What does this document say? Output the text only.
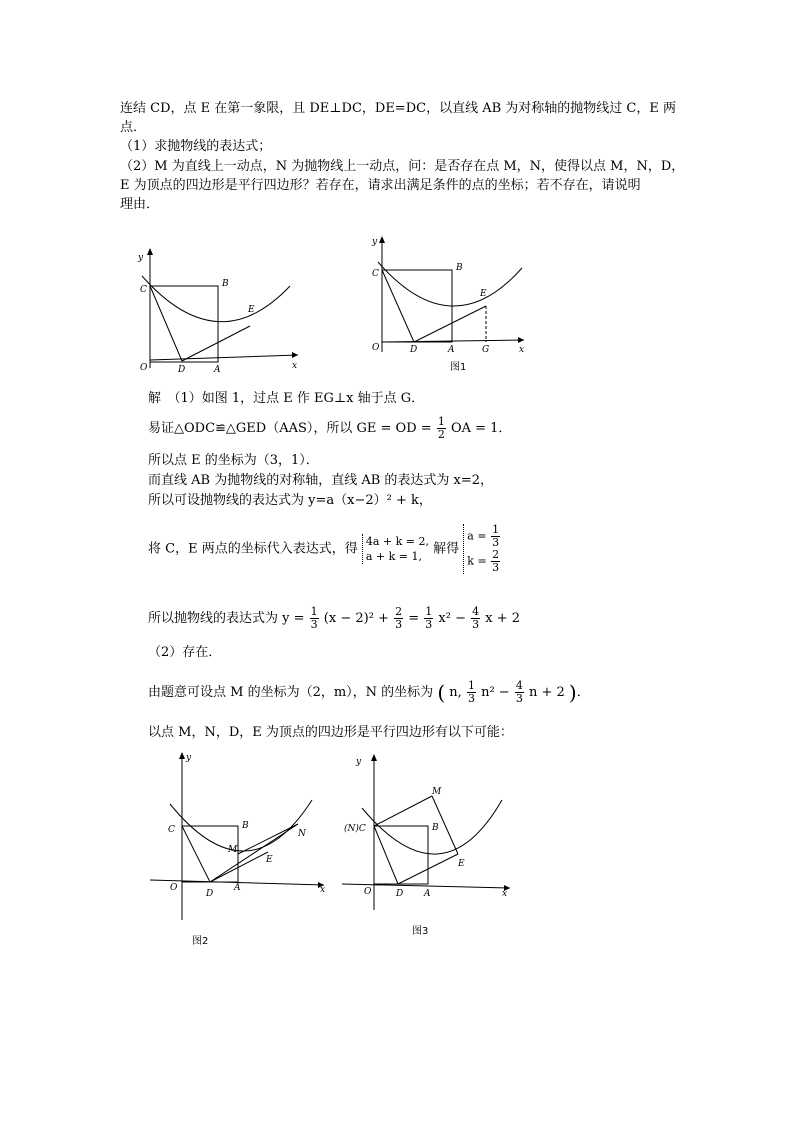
连结 CD，点 E 在第一象限，且 DE⊥DC，DE=DC，以直线 AB 为对称轴的抛物线过 C，E 两
点．
（1）求抛物线的表达式；
（2）M 为直线上一动点，N 为抛物线上一动点，问：是否存在点 M，N，使得以点 M，N，D，
E 为顶点的四边形是平行四边形？若存在，请求出满足条件的点的坐标；若不存在，请说明
理由．
y
x
O
C
B
E
D	A
y
x
O
C
B
E
D	A	G
图1
解　（1）如图 1，过点 E 作 EG⊥x 轴于点 G．
易证△ODC≌△GED（AAS），所以 GE = OD = $\frac{1}{2}$ OA = 1．
所以点 E 的坐标为（3，1）．
而直线 AB 为抛物线的对称轴，直线 AB 的表达式为 x=2，
所以可设抛物线的表达式为 y=a（x−2）² + k，
将 C，E 两点的坐标代入表达式，得 4a + k = 2,
a + k = 1, 解得 $a = \frac{1}{3}$

$k = \frac{2}{3}$
所以抛物线的表达式为 $y = \frac{1}{3} (x - 2)^2 + \frac{2}{3} = \frac{1}{3} x^2 - \frac{4}{3}$ x + 2
（2）存在．
由题意可设点 M 的坐标为（2，m），N 的坐标为 ( n, $\frac{1}{3} n^2 - \frac{4}{3}$ n + 2 )．
以点 M，N，D，E 为顶点的四边形是平行四边形有以下可能：
y
x
O
C	B
M
N
E
D
A
图2
y
x
O
(N)C	B
M
E
D A
图3
